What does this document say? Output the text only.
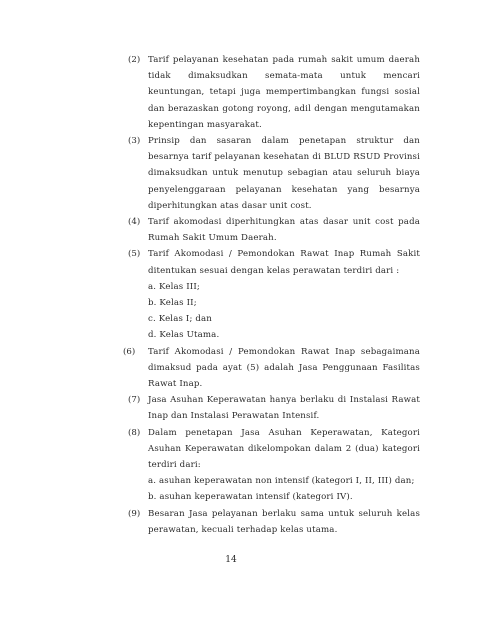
(2) Tarif pelayanan kesehatan pada rumah sakit umum daerah tidak dimaksudkan semata-mata untuk mencari keuntungan, tetapi juga mempertimbangkan fungsi sosial dan berazaskan gotong royong, adil dengan mengutamakan kepentingan masyarakat.

(3) Prinsip dan sasaran dalam penetapan struktur dan besarnya tarif pelayanan kesehatan di BLUD RSUD Provinsi dimaksudkan untuk menutup sebagian atau seluruh biaya penyelenggaraan pelayanan kesehatan yang besarnya diperhitungkan atas dasar unit cost.

(4) Tarif akomodasi diperhitungkan atas dasar unit cost pada Rumah Sakit Umum Daerah.

(5) Tarif Akomodasi / Pemondokan Rawat Inap Rumah Sakit ditentukan sesuai dengan kelas perawatan terdiri dari :

a. Kelas III;
b. Kelas II;
c. Kelas I; dan
d. Kelas Utama.
(6) Tarif Akomodasi / Pemondokan Rawat Inap sebagaimana dimaksud pada ayat (5) adalah Jasa Penggunaan Fasilitas Rawat Inap.

(7) Jasa Asuhan Keperawatan hanya berlaku di Instalasi Rawat Inap dan Instalasi Perawatan Intensif.

(8) Dalam penetapan Jasa Asuhan Keperawatan, Kategori Asuhan Keperawatan dikelompokan dalam 2 (dua) kategori terdiri dari:

a. asuhan keperawatan non intensif (kategori I, II, III) dan;
b. asuhan keperawatan intensif (kategori IV).
(9) Besaran Jasa pelayanan berlaku sama untuk seluruh kelas perawatan, kecuali terhadap kelas utama.

14
